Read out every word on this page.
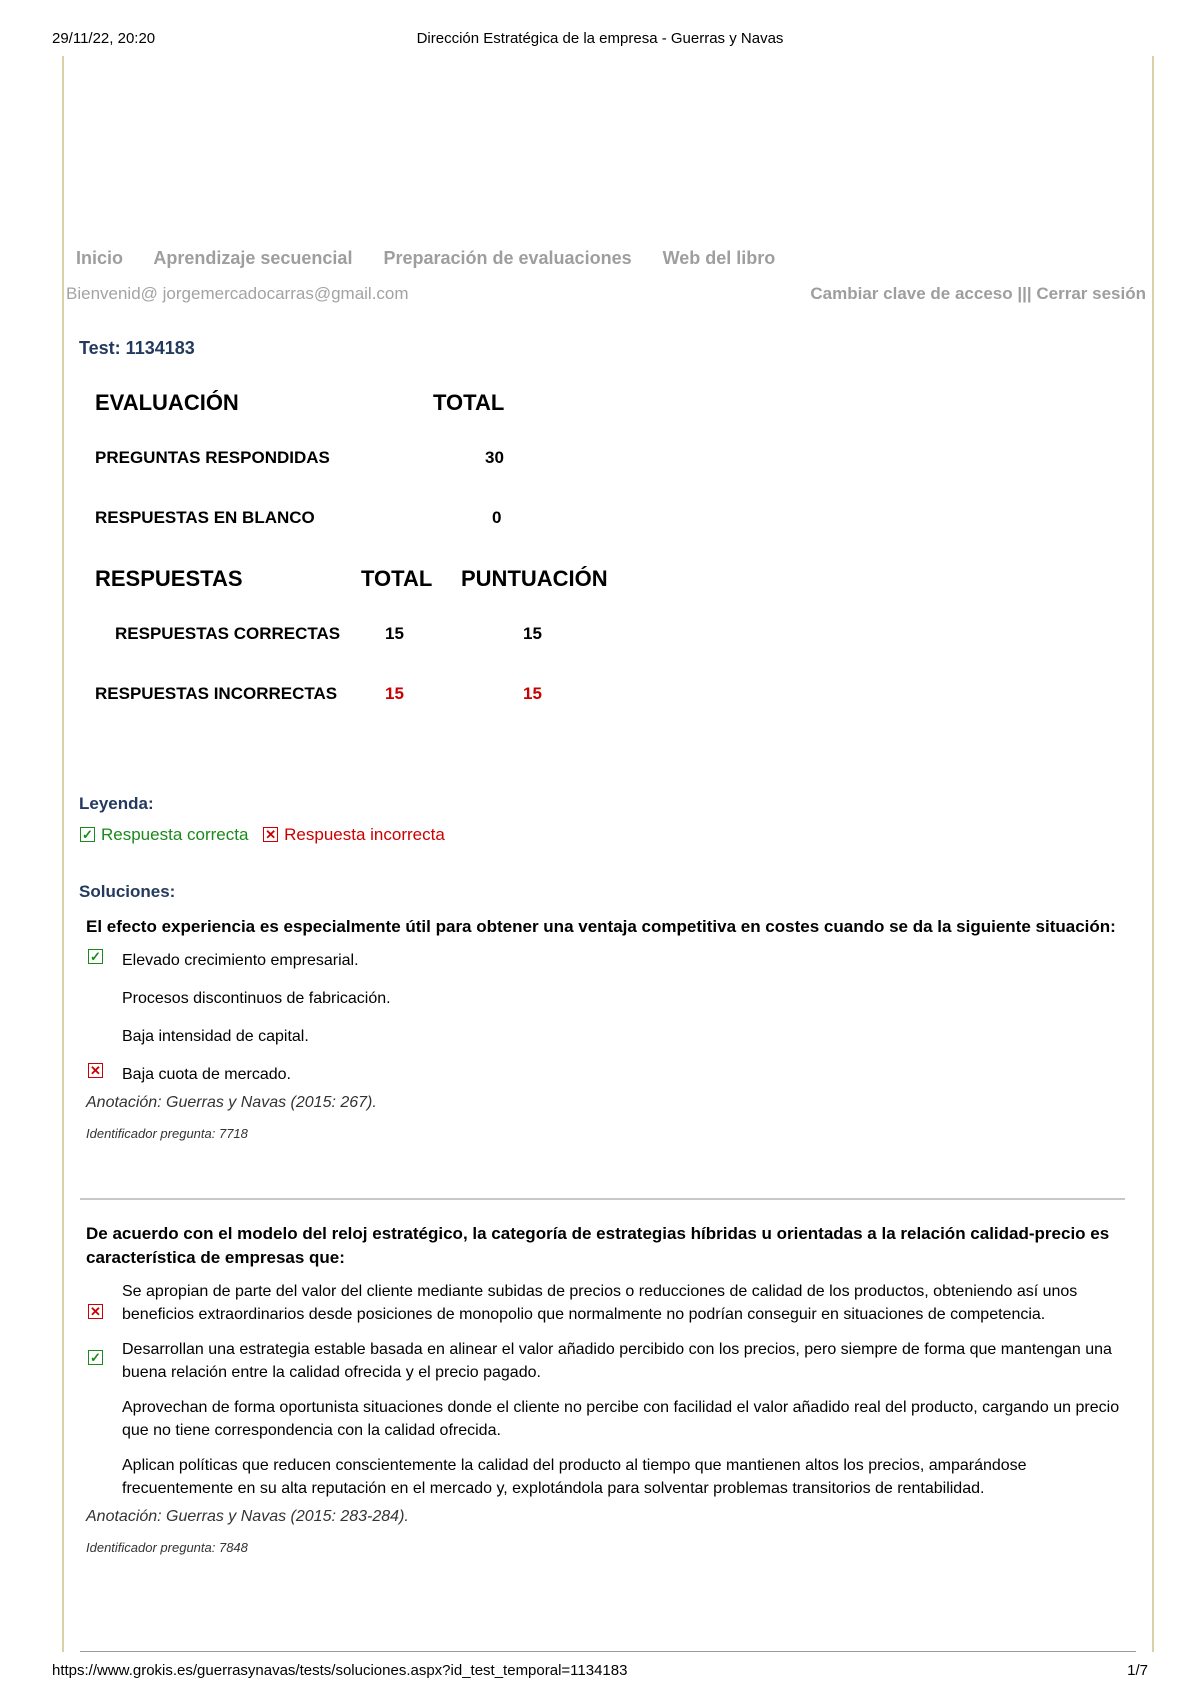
29/11/22, 20:20	Dirección Estratégica de la empresa - Guerras y Navas
Inicio Aprendizaje secuencial Preparación de evaluaciones Web del libro
Bienvenid@ jorgemercadocarras@gmail.com	Cambiar clave de acceso ||| Cerrar sesión
Test: 1134183
EVALUACIÓN	TOTAL
PREGUNTAS RESPONDIDAS	30
RESPUESTAS EN BLANCO	0
RESPUESTAS	TOTAL PUNTUACIÓN
RESPUESTAS CORRECTAS	15	15
RESPUESTAS INCORRECTAS	15	15
Leyenda:
✓ Respuesta correcta
✕ Respuesta incorrecta
Soluciones:
El efecto experiencia es especialmente útil para obtener una ventaja competitiva en costes cuando se da la siguiente situación:
✓ Elevado crecimiento empresarial.
Procesos discontinuos de fabricación.
Baja intensidad de capital.
✕ Baja cuota de mercado.
Anotación: Guerras y Navas (2015: 267).
Identificador pregunta: 7718
De acuerdo con el modelo del reloj estratégico, la categoría de estrategias híbridas u orientadas a la relación calidad-precio es característica de empresas que:
✕
Se apropian de parte del valor del cliente mediante subidas de precios o reducciones de calidad de los productos, obteniendo así unos beneficios extraordinarios desde posiciones de monopolio que normalmente no podrían conseguir en situaciones de competencia.
✓ Desarrollan una estrategia estable basada en alinear el valor añadido percibido con los precios, pero siempre de forma que mantengan una buena relación entre la calidad ofrecida y el precio pagado.
Aprovechan de forma oportunista situaciones donde el cliente no percibe con facilidad el valor añadido real del producto, cargando un precio que no tiene correspondencia con la calidad ofrecida.
Aplican políticas que reducen conscientemente la calidad del producto al tiempo que mantienen altos los precios, amparándose frecuentemente en su alta reputación en el mercado y, explotándola para solventar problemas transitorios de rentabilidad.
Anotación: Guerras y Navas (2015: 283-284).
Identificador pregunta: 7848
https://www.grokis.es/guerrasynavas/tests/soluciones.aspx?id_test_temporal=1134183	1/7
